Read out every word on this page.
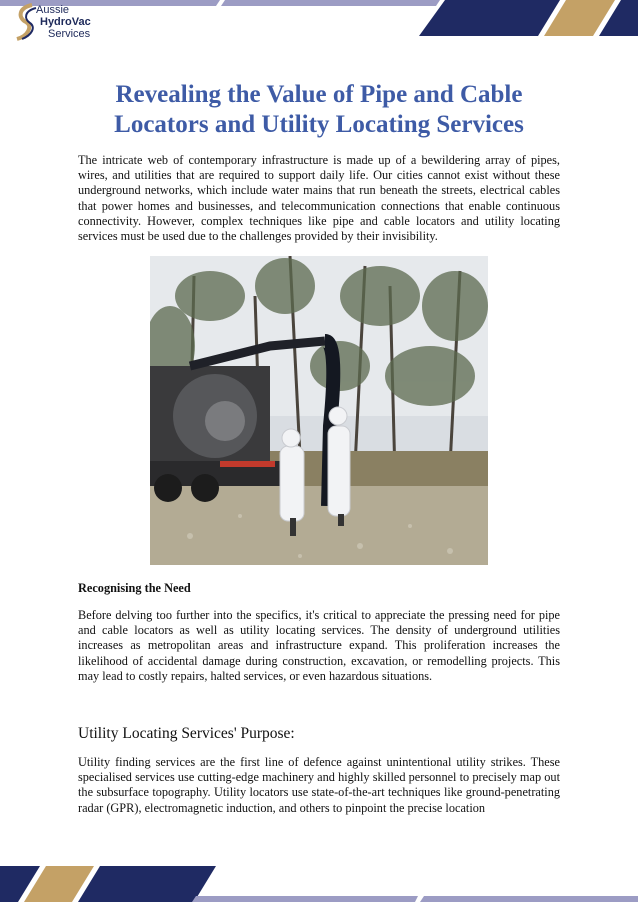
Aussie
HydroVac
Services
Revealing the Value of Pipe and Cable
Locators and Utility Locating Services

The intricate web of contemporary infrastructure is made up of a bewildering array of pipes, wires, and utilities that are required to support daily life. Our cities cannot exist without these underground networks, which include water mains that run beneath the streets, electrical cables that power homes and businesses, and telecommunication connections that enable continuous connectivity. However, complex techniques like pipe and cable locators and utility locating services must be used due to the challenges provided by their invisibility.

Recognising the Need

Before delving too further into the specifics, it's critical to appreciate the pressing need for pipe and cable locators as well as utility locating services. The density of underground utilities increases as metropolitan areas and infrastructure expand. This proliferation increases the likelihood of accidental damage during construction, excavation, or remodelling projects. This may lead to costly repairs, halted services, or even hazardous situations.

Utility Locating Services' Purpose:

Utility finding services are the first line of defence against unintentional utility strikes. These specialised services use cutting-edge machinery and highly skilled personnel to precisely map out the subsurface topography. Utility locators use state-of-the-art techniques like ground-penetrating radar (GPR), electromagnetic induction, and others to pinpoint the precise location
